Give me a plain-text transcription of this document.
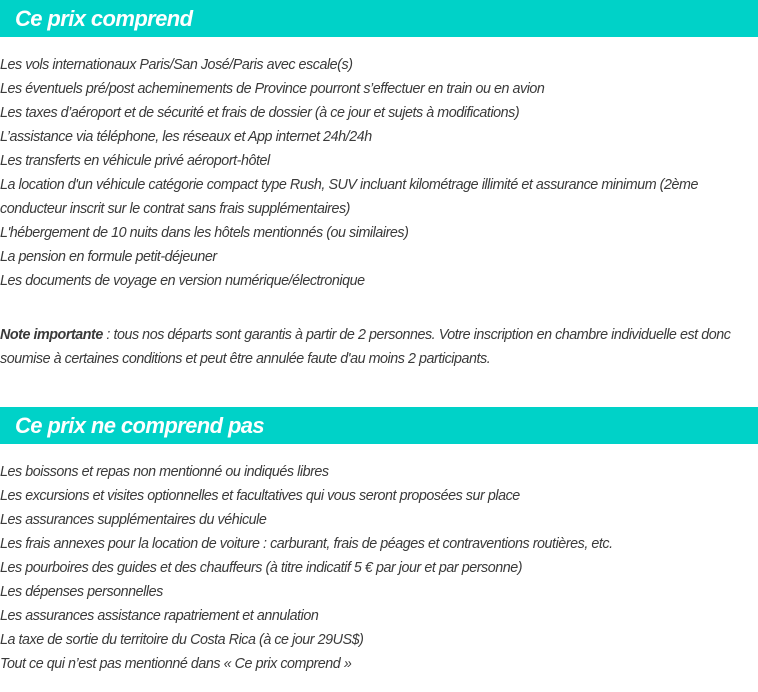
Ce prix comprend
Les vols internationaux Paris/San José/Paris avec escale(s)
Les éventuels pré/post acheminements de Province pourront s’effectuer en train ou en avion
Les taxes d’aéroport et de sécurité et frais de dossier (à ce jour et sujets à modifications)
L’assistance via téléphone, les réseaux et App internet 24h/24h
Les transferts en véhicule privé aéroport-hôtel
La location d'un véhicule catégorie compact type Rush, SUV incluant kilométrage illimité et assurance minimum (2ème conducteur inscrit sur le contrat sans frais supplémentaires)
L'hébergement de 10 nuits dans les hôtels mentionnés (ou similaires)
La pension en formule petit-déjeuner
Les documents de voyage en version numérique/électronique

Note importante : tous nos départs sont garantis à partir de 2 personnes. Votre inscription en chambre individuelle est donc soumise à certaines conditions et peut être annulée faute d'au moins 2 participants.

Ce prix ne comprend pas
Les boissons et repas non mentionné ou indiqués libres
Les excursions et visites optionnelles et facultatives qui vous seront proposées sur place
Les assurances supplémentaires du véhicule
Les frais annexes pour la location de voiture : carburant, frais de péages et contraventions routières, etc.
Les pourboires des guides et des chauffeurs (à titre indicatif 5 € par jour et par personne)
Les dépenses personnelles
Les assurances assistance rapatriement et annulation
La taxe de sortie du territoire du Costa Rica (à ce jour 29US$)
Tout ce qui n’est pas mentionné dans « Ce prix comprend »
